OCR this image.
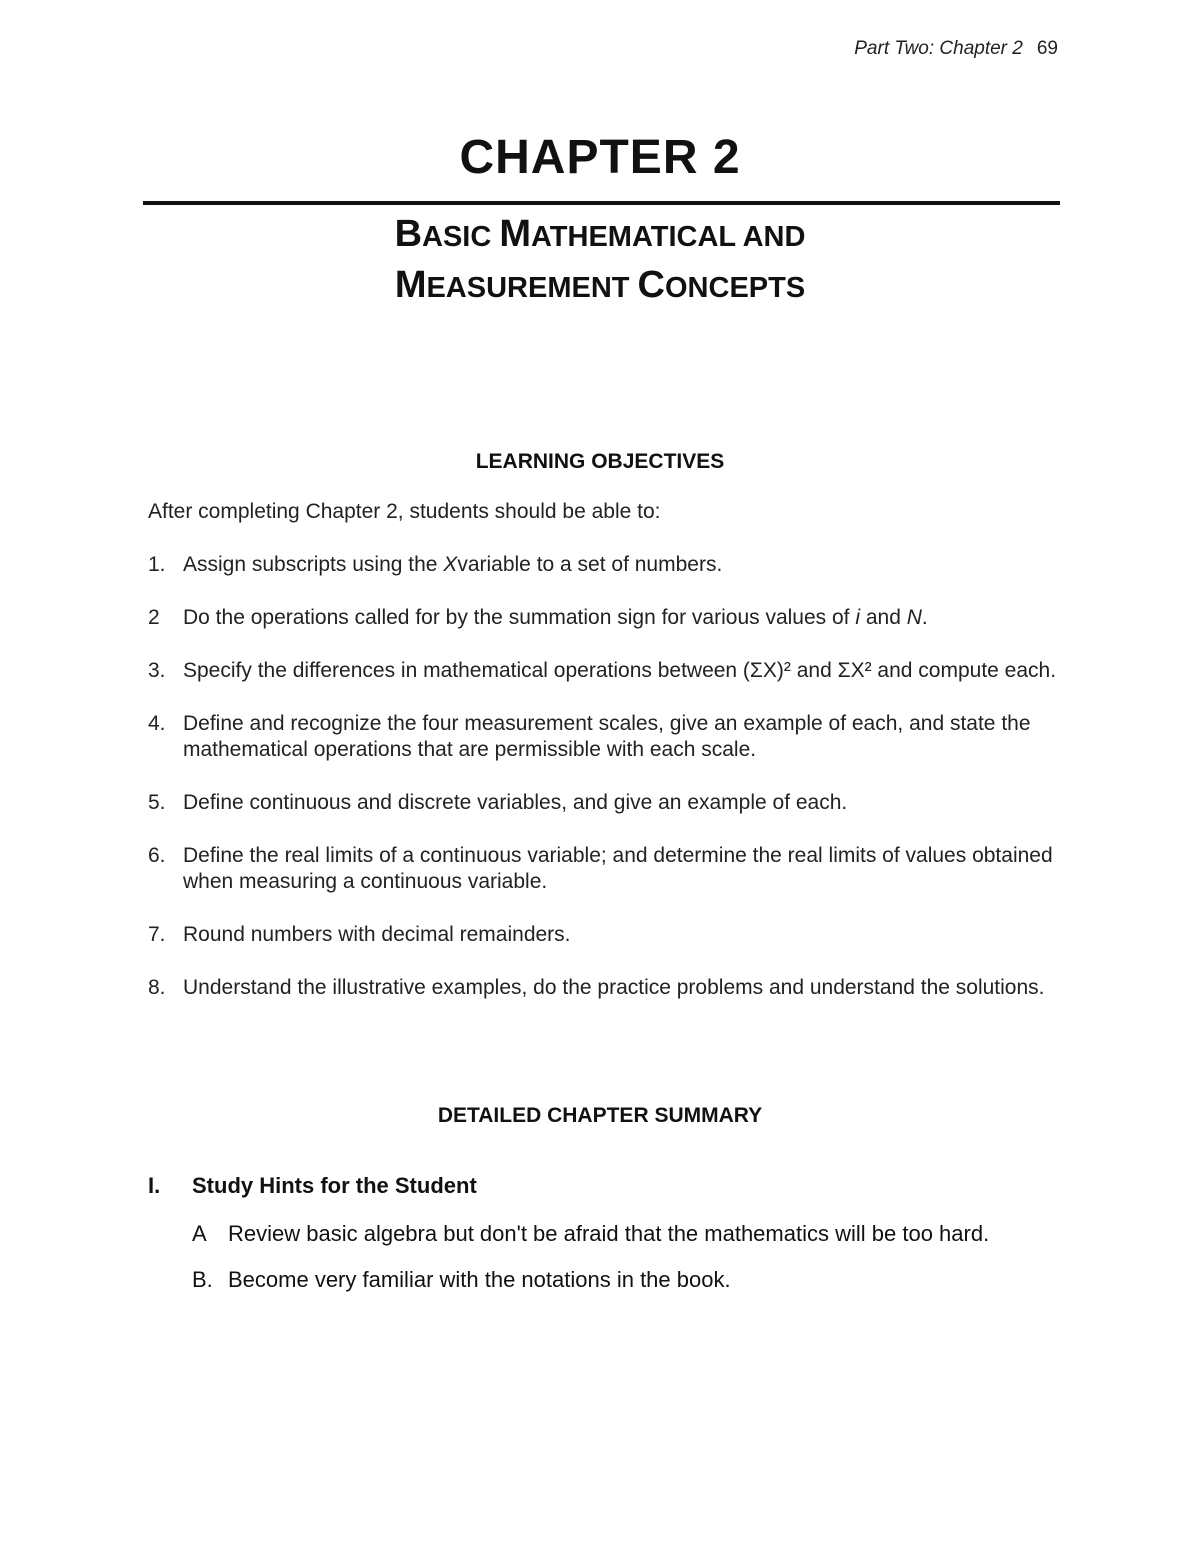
Part Two: Chapter 2 69
CHAPTER 2
BASIC MATHEMATICAL AND
MEASUREMENT CONCEPTS
LEARNING OBJECTIVES
After completing Chapter 2, students should be able to:
1. Assign subscripts using the Xvariable to a set of numbers.
2	Do the operations called for by the summation sign for various values of i and N.
3. Specify the differences in mathematical operations between (ΣX)² and ΣX² and compute each.
4. Define and recognize the four measurement scales, give an example of each, and state the mathematical operations that are permissible with each scale.
5. Define continuous and discrete variables, and give an example of each.
6. Define the real limits of a continuous variable; and determine the real limits of values obtained when measuring a continuous variable.
7. Round numbers with decimal remainders.
8. Understand the illustrative examples, do the practice problems and understand the solutions.
DETAILED CHAPTER SUMMARY
I.	Study Hints for the Student
A Review basic algebra but don't be afraid that the mathematics will be too hard.
B. Become very familiar with the notations in the book.
